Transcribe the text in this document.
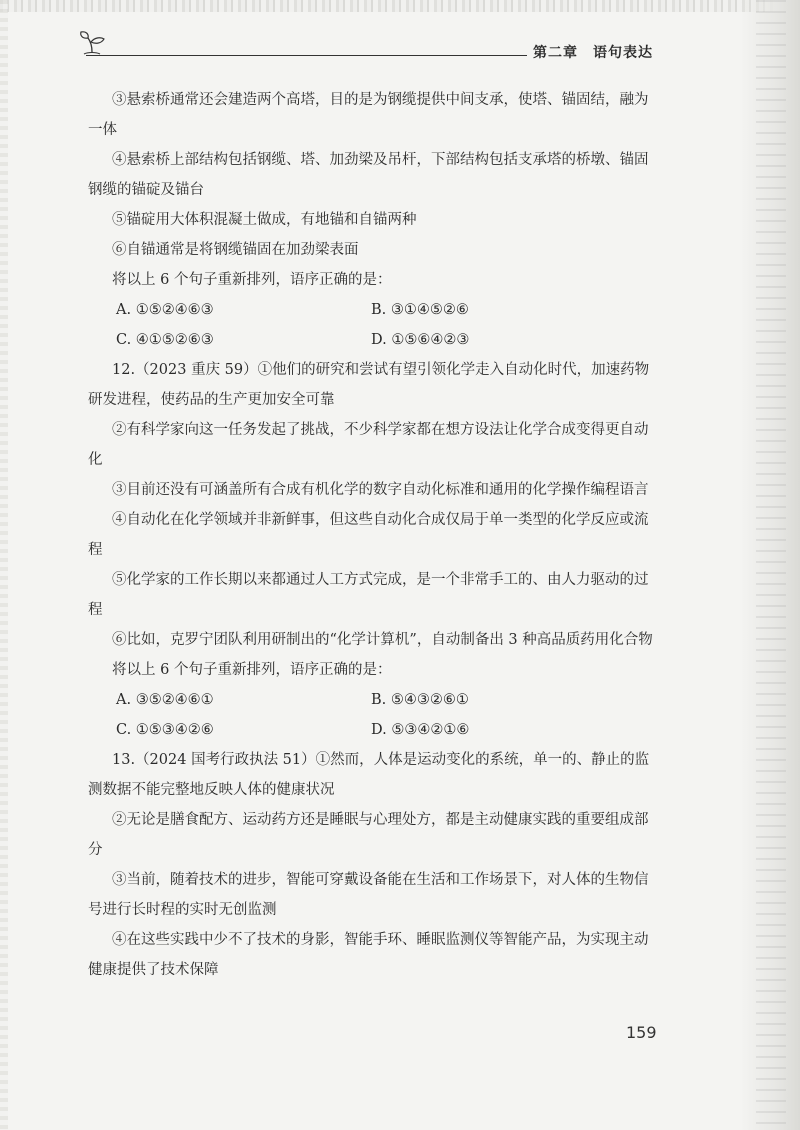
第二章　语句表达

③悬索桥通常还会建造两个高塔，目的是为钢缆提供中间支承，使塔、锚固结，融为一体

④悬索桥上部结构包括钢缆、塔、加劲梁及吊杆，下部结构包括支承塔的桥墩、锚固钢缆的锚碇及锚台

⑤锚碇用大体积混凝土做成，有地锚和自锚两种

⑥自锚通常是将钢缆锚固在加劲梁表面

将以上 6 个句子重新排列，语序正确的是：

A. ①⑤②④⑥③	B. ③①④⑤②⑥
C. ④①⑤②⑥③	D. ①⑤⑥④②③

12.（2023 重庆 59）①他们的研究和尝试有望引领化学走入自动化时代，加速药物研发进程，使药品的生产更加安全可靠

②有科学家向这一任务发起了挑战，不少科学家都在想方设法让化学合成变得更自动化

③目前还没有可涵盖所有合成有机化学的数字自动化标准和通用的化学操作编程语言

④自动化在化学领域并非新鲜事，但这些自动化合成仅局于单一类型的化学反应或流程

⑤化学家的工作长期以来都通过人工方式完成，是一个非常手工的、由人力驱动的过程

⑥比如，克罗宁团队利用研制出的“化学计算机”，自动制备出 3 种高品质药用化合物

将以上 6 个句子重新排列，语序正确的是：

A. ③⑤②④⑥①	B. ⑤④③②⑥①
C. ①⑤③④②⑥	D. ⑤③④②①⑥

13.（2024 国考行政执法 51）①然而，人体是运动变化的系统，单一的、静止的监测数据不能完整地反映人体的健康状况

②无论是膳食配方、运动药方还是睡眠与心理处方，都是主动健康实践的重要组成部分

③当前，随着技术的进步，智能可穿戴设备能在生活和工作场景下，对人体的生物信号进行长时程的实时无创监测

④在这些实践中少不了技术的身影，智能手环、睡眠监测仪等智能产品，为实现主动健康提供了技术保障

159
